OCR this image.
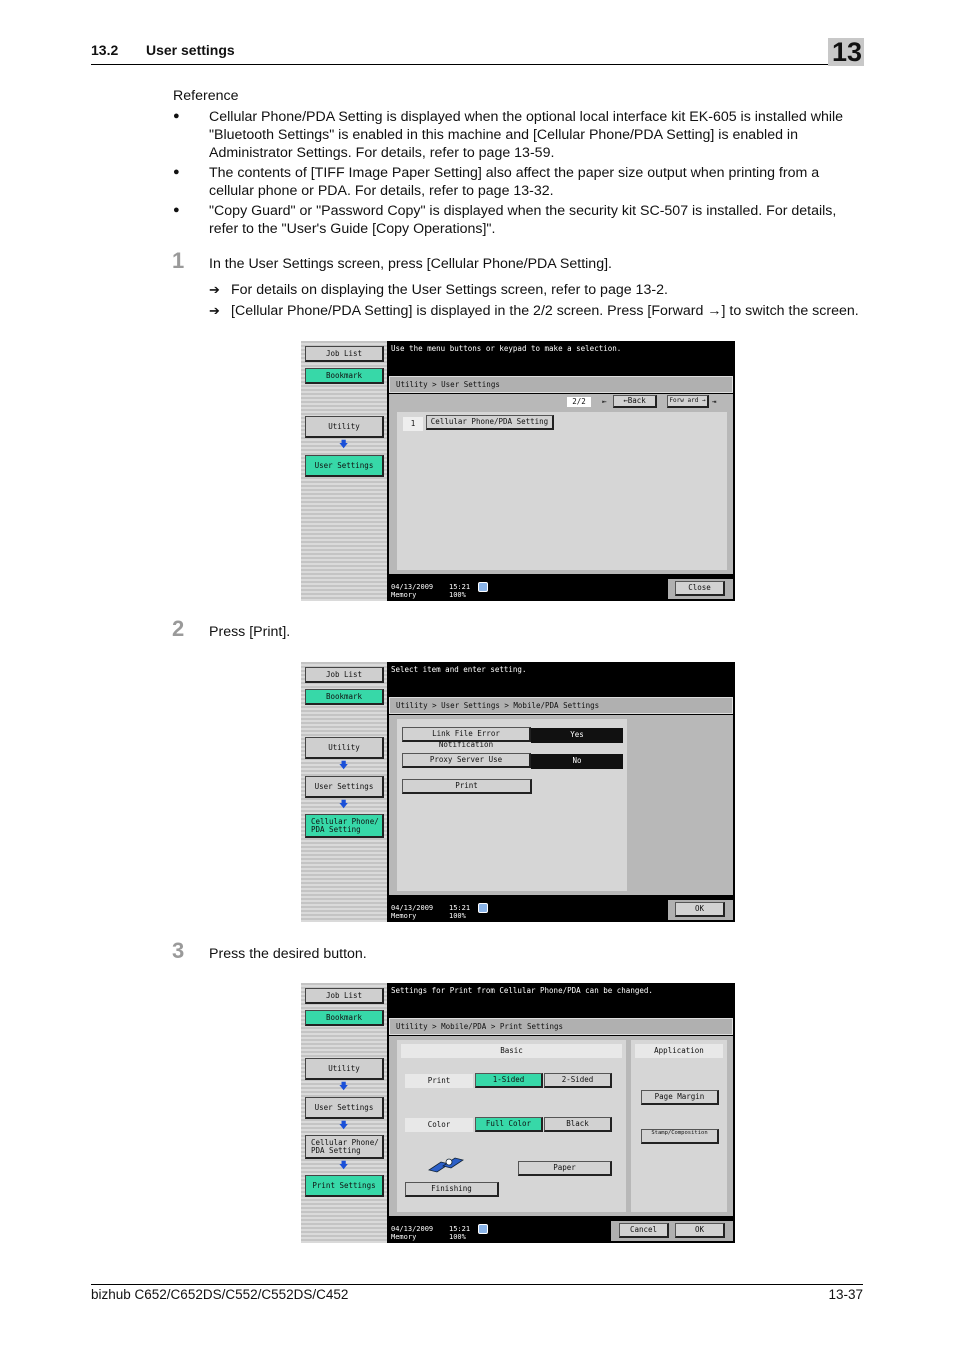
13.2 User settings	13
Reference
● Cellular Phone/PDA Setting is displayed when the optional local interface kit EK-605 is installed while "Bluetooth Settings" is enabled in this machine and [Cellular Phone/PDA Setting] is enabled in Administrator Settings. For details, refer to page 13-59.
● The contents of [TIFF Image Paper Setting] also affect the paper size output when printing from a cellular phone or PDA. For details, refer to page 13-32.
● "Copy Guard" or "Password Copy" is displayed when the security kit SC-507 is installed. For details, refer to the "User's Guide [Copy Operations]".
1 In the User Settings screen, press [Cellular Phone/PDA Setting].
➔ For details on displaying the User Settings screen, refer to page 13-2.
➔ [Cellular Phone/PDA Setting] is displayed in the 2/2 screen. Press [Forward →] to switch the screen.
Job List
Bookmark
Utility
🡇
User Settings
Use the menu buttons or keypad to make a selection.
Utility > User Settings
2/2	⇤	←Back	Forw ard → ⇥
1	Cellular Phone/PDA Setting
04/13/2009
Memory
15:21
100%
Close
2 Press [Print].
Job List
Bookmark
Utility
🡇
User Settings
🡇
Cellular Phone/
PDA Setting
Select item and enter setting.
Utility > User Settings > Mobile/PDA Settings
Link File Error Notification
Yes
Proxy Server Use	No
Print
04/13/2009
Memory
15:21
100%
OK
3 Press the desired button.
Job List
Bookmark
Utility
🡇
User Settings
🡇
Cellular Phone/
PDA Setting
🡇
Print Settings
Settings for Print from Cellular Phone/PDA can be changed.
Utility > Mobile/PDA > Print Settings
Basic
Print	1-Sided	2-Sided
Color	Full Color	Black
Paper
Finishing
Application
Page Margin
Stamp/Composition
04/13/2009
Memory
15:21
100%
Cancel	OK
bizhub C652/C652DS/C552/C552DS/C452	13-37
